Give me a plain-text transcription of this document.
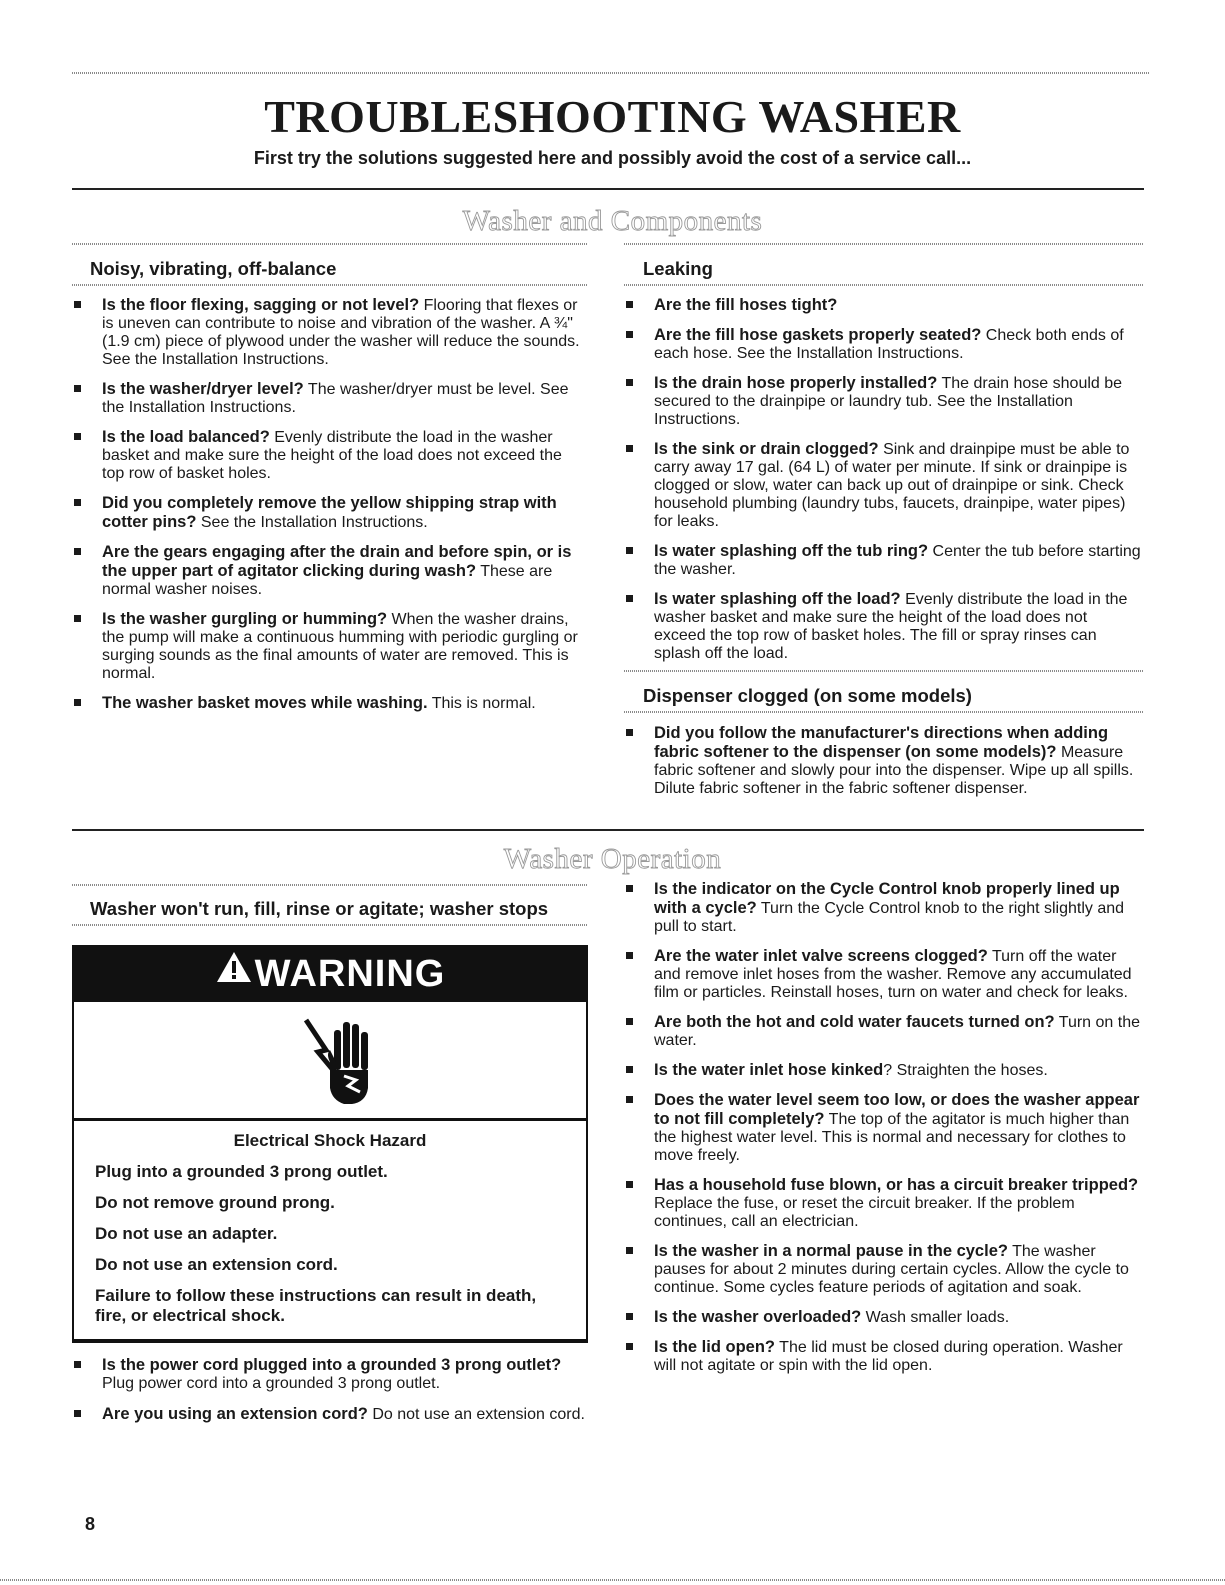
TROUBLESHOOTING WASHER
First try the solutions suggested here and possibly avoid the cost of a service call...
Washer and Components
Noisy, vibrating, off-balance
Is the floor flexing, sagging or not level? Flooring that flexes or is uneven can contribute to noise and vibration of the washer. A ¾" (1.9 cm) piece of plywood under the washer will reduce the sounds. See the Installation Instructions.
Is the washer/dryer level? The washer/dryer must be level. See the Installation Instructions.
Is the load balanced? Evenly distribute the load in the washer basket and make sure the height of the load does not exceed the top row of basket holes.
Did you completely remove the yellow shipping strap with cotter pins? See the Installation Instructions.
Are the gears engaging after the drain and before spin, or is the upper part of agitator clicking during wash? These are normal washer noises.
Is the washer gurgling or humming? When the washer drains, the pump will make a continuous humming with periodic gurgling or surging sounds as the final amounts of water are removed. This is normal.
The washer basket moves while washing. This is normal.
Leaking
Are the fill hoses tight?
Are the fill hose gaskets properly seated? Check both ends of each hose. See the Installation Instructions.
Is the drain hose properly installed? The drain hose should be secured to the drainpipe or laundry tub. See the Installation Instructions.
Is the sink or drain clogged? Sink and drainpipe must be able to carry away 17 gal. (64 L) of water per minute. If sink or drainpipe is clogged or slow, water can back up out of drainpipe or sink. Check household plumbing (laundry tubs, faucets, drainpipe, water pipes) for leaks.
Is water splashing off the tub ring? Center the tub before starting the washer.
Is water splashing off the load? Evenly distribute the load in the washer basket and make sure the height of the load does not exceed the top row of basket holes. The fill or spray rinses can splash off the load.
Dispenser clogged (on some models)
Did you follow the manufacturer's directions when adding fabric softener to the dispenser (on some models)? Measure fabric softener and slowly pour into the dispenser. Wipe up all spills. Dilute fabric softener in the fabric softener dispenser.
Washer Operation
Washer won't run, fill, rinse or agitate; washer stops
WARNING
Electrical Shock Hazard
Plug into a grounded 3 prong outlet.
Do not remove ground prong.
Do not use an adapter.
Do not use an extension cord.
Failure to follow these instructions can result in death, fire, or electrical shock.
Is the power cord plugged into a grounded 3 prong outlet? Plug power cord into a grounded 3 prong outlet.
Are you using an extension cord? Do not use an extension cord.
Is the indicator on the Cycle Control knob properly lined up with a cycle? Turn the Cycle Control knob to the right slightly and pull to start.
Are the water inlet valve screens clogged? Turn off the water and remove inlet hoses from the washer. Remove any accumulated film or particles. Reinstall hoses, turn on water and check for leaks.
Are both the hot and cold water faucets turned on? Turn on the water.
Is the water inlet hose kinked? Straighten the hoses.
Does the water level seem too low, or does the washer appear to not fill completely? The top of the agitator is much higher than the highest water level. This is normal and necessary for clothes to move freely.
Has a household fuse blown, or has a circuit breaker tripped? Replace the fuse, or reset the circuit breaker. If the problem continues, call an electrician.
Is the washer in a normal pause in the cycle? The washer pauses for about 2 minutes during certain cycles. Allow the cycle to continue. Some cycles feature periods of agitation and soak.
Is the washer overloaded? Wash smaller loads.
Is the lid open? The lid must be closed during operation. Washer will not agitate or spin with the lid open.
8
